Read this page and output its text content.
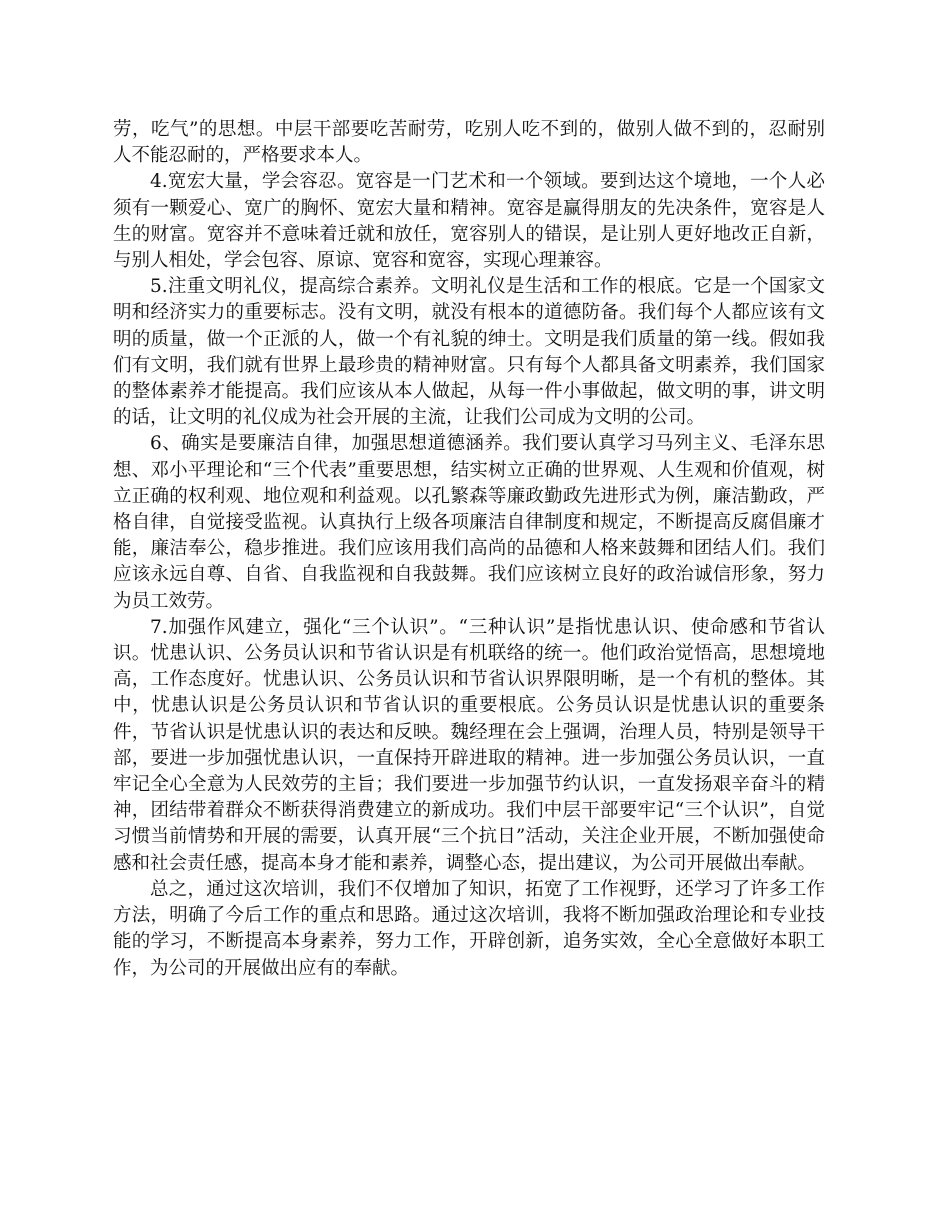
劳，吃气”的思想。中层干部要吃苦耐劳，吃别人吃不到的，做别人做不到的，忍耐别人不能忍耐的，严格要求本人。

4.宽宏大量，学会容忍。宽容是一门艺术和一个领域。要到达这个境地，一个人必须有一颗爱心、宽广的胸怀、宽宏大量和精神。宽容是赢得朋友的先决条件，宽容是人生的财富。宽容并不意味着迁就和放任，宽容别人的错误，是让别人更好地改正自新，与别人相处，学会包容、原谅、宽容和宽容，实现心理兼容。

5.注重文明礼仪，提高综合素养。文明礼仪是生活和工作的根底。它是一个国家文明和经济实力的重要标志。没有文明，就没有根本的道德防备。我们每个人都应该有文明的质量，做一个正派的人，做一个有礼貌的绅士。文明是我们质量的第一线。假如我们有文明，我们就有世界上最珍贵的精神财富。只有每个人都具备文明素养，我们国家的整体素养才能提高。我们应该从本人做起，从每一件小事做起，做文明的事，讲文明的话，让文明的礼仪成为社会开展的主流，让我们公司成为文明的公司。

6、确实是要廉洁自律，加强思想道德涵养。我们要认真学习马列主义、毛泽东思想、邓小平理论和“三个代表”重要思想，结实树立正确的世界观、人生观和价值观，树立正确的权利观、地位观和利益观。以孔繁森等廉政勤政先进形式为例，廉洁勤政，严格自律，自觉接受监视。认真执行上级各项廉洁自律制度和规定，不断提高反腐倡廉才能，廉洁奉公，稳步推进。我们应该用我们高尚的品德和人格来鼓舞和团结人们。我们应该永远自尊、自省、自我监视和自我鼓舞。我们应该树立良好的政治诚信形象，努力为员工效劳。

7.加强作风建立，强化“三个认识”。“三种认识”是指忧患认识、使命感和节省认识。忧患认识、公务员认识和节省认识是有机联络的统一。他们政治觉悟高，思想境地高，工作态度好。忧患认识、公务员认识和节省认识界限明晰，是一个有机的整体。其中，忧患认识是公务员认识和节省认识的重要根底。公务员认识是忧患认识的重要条件，节省认识是忧患认识的表达和反映。魏经理在会上强调，治理人员，特别是领导干部，要进一步加强忧患认识，一直保持开辟进取的精神。进一步加强公务员认识，一直牢记全心全意为人民效劳的主旨；我们要进一步加强节约认识，一直发扬艰辛奋斗的精神，团结带着群众不断获得消费建立的新成功。我们中层干部要牢记“三个认识”，自觉习惯当前情势和开展的需要，认真开展“三个抗日”活动，关注企业开展，不断加强使命感和社会责任感，提高本身才能和素养，调整心态，提出建议，为公司开展做出奉献。

总之，通过这次培训，我们不仅增加了知识，拓宽了工作视野，还学习了许多工作方法，明确了今后工作的重点和思路。通过这次培训，我将不断加强政治理论和专业技能的学习，不断提高本身素养，努力工作，开辟创新，追务实效，全心全意做好本职工作，为公司的开展做出应有的奉献。
